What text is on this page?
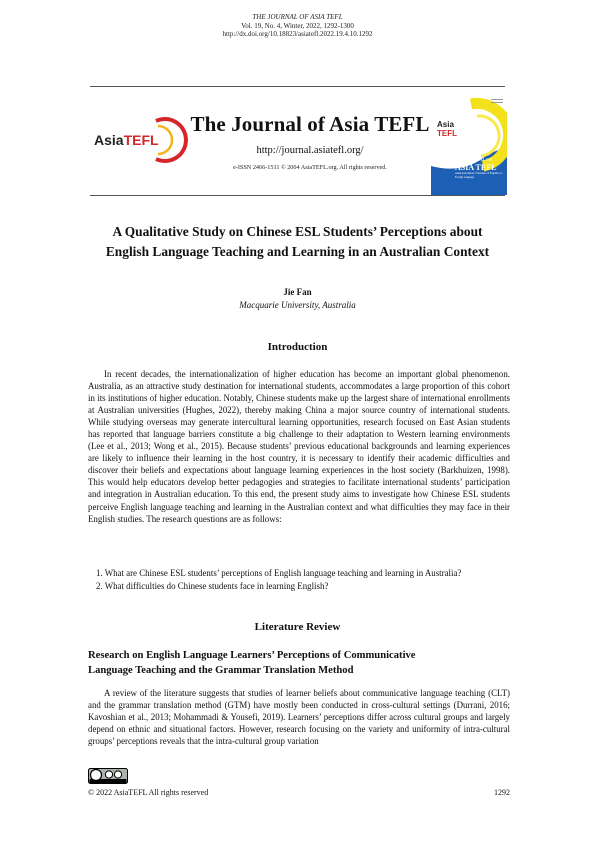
THE JOURNAL OF ASIA TEFL
Vol. 19, No. 4, Winter, 2022, 1292-1300
http://dx.doi.org/10.18823/asiatefl.2022.19.4.10.1292
AsiaTEFL
The Journal of Asia TEFL
http://journal.asiatefl.org/
e-ISSN 2466-1511 © 2004 AsiaTEFL.org. All rights reserved.
Asia
TEFL
THE JOURNAL OF
ASIA TEFL
Asian Association of Teachers of English as a Foreign Language
A Qualitative Study on Chinese ESL Students’ Perceptions about
English Language Teaching and Learning in an Australian Context
Jie Fan
Macquarie University, Australia
Introduction
In recent decades, the internationalization of higher education has become an important global phenomenon. Australia, as an attractive study destination for international students, accommodates a large proportion of this cohort in its institutions of higher education. Notably, Chinese students make up the largest share of international enrollments at Australian universities (Hughes, 2022), thereby making China a major source country of international students. While studying overseas may generate intercultural learning opportunities, research focused on East Asian students has reported that language barriers constitute a big challenge to their adaptation to Western learning environments (Lee et al., 2013; Wong et al., 2015). Because students’ previous educational backgrounds and learning experiences are likely to influence their learning in the host country, it is necessary to identify their academic difficulties and discover their beliefs and expectations about language learning experiences in the host society (Barkhuizen, 1998). This would help educators develop better pedagogies and strategies to facilitate international students’ participation and integration in Australian education. To this end, the present study aims to investigate how Chinese ESL students perceive English language teaching and learning in the Australian context and what difficulties they may face in their English studies. The research questions are as follows:
1. What are Chinese ESL students’ perceptions of English language teaching and learning in Australia?
2. What difficulties do Chinese students face in learning English?
Literature Review
Research on English Language Learners’ Perceptions of Communicative
Language Teaching and the Grammar Translation Method
A review of the literature suggests that studies of learner beliefs about communicative language teaching (CLT) and the grammar translation method (GTM) have mostly been conducted in cross-cultural settings (Durrani, 2016; Kavoshian et al., 2013; Mohammadi & Yousefi, 2019). Learners’ perceptions differ across cultural groups and largely depend on ethnic and situational factors. However, research focusing on the variety and uniformity of intra-cultural groups’ perceptions reveals that the intra-cultural group variation
© 2022 AsiaTEFL All rights reserved	1292
